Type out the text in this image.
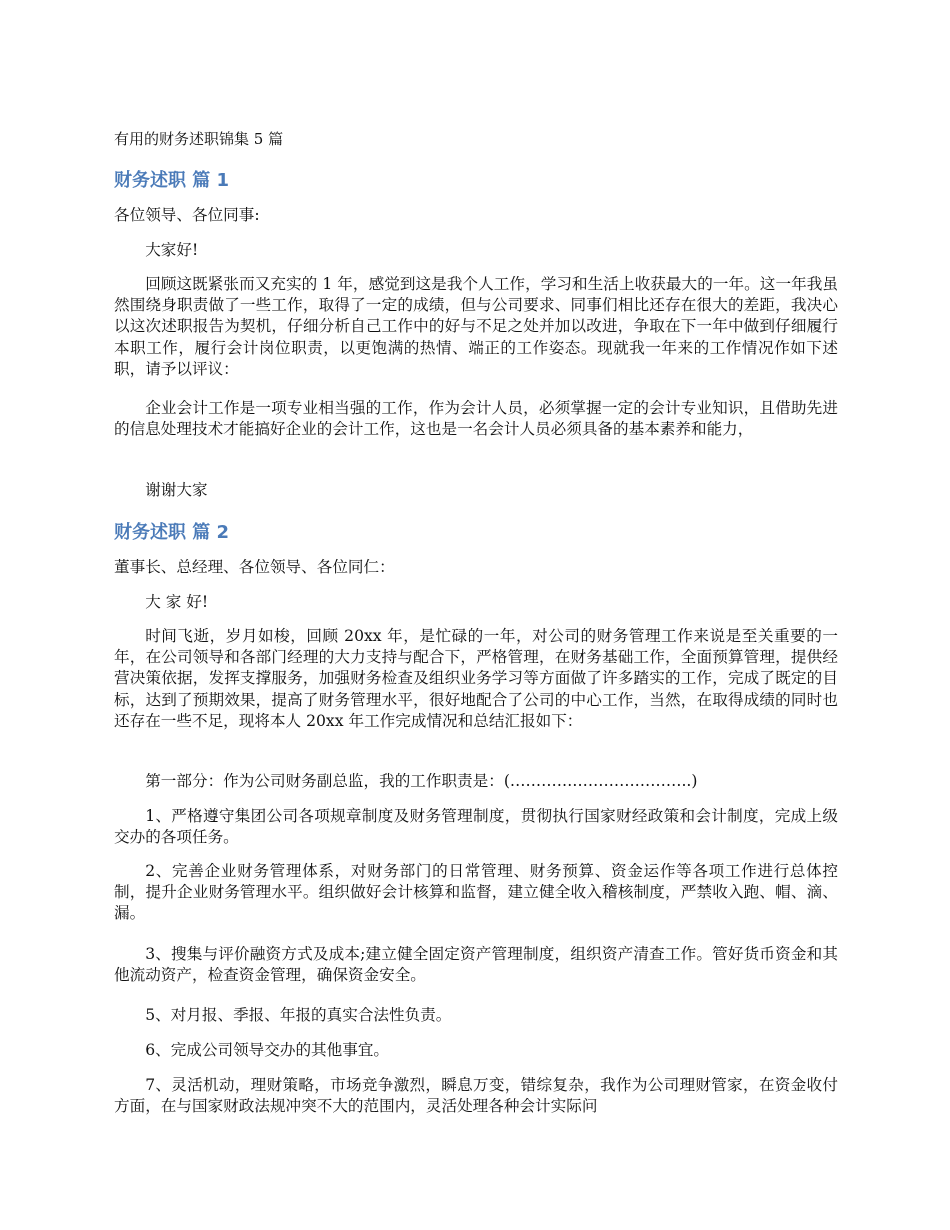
有用的财务述职锦集 5 篇
财务述职 篇 1
各位领导、各位同事:
大家好!
回顾这既紧张而又充实的 1 年，感觉到这是我个人工作，学习和生活上收获最大的一年。这一年我虽然围绕身职责做了一些工作，取得了一定的成绩，但与公司要求、同事们相比还存在很大的差距，我决心以这次述职报告为契机，仔细分析自己工作中的好与不足之处并加以改进，争取在下一年中做到仔细履行本职工作，履行会计岗位职责，以更饱满的热情、端正的工作姿态。现就我一年来的工作情况作如下述职，请予以评议：
企业会计工作是一项专业相当强的工作，作为会计人员，必须掌握一定的会计专业知识，且借助先进的信息处理技术才能搞好企业的会计工作，这也是一名会计人员必须具备的基本素养和能力，
谢谢大家
财务述职 篇 2
董事长、总经理、各位领导、各位同仁：
大 家 好!
时间飞逝，岁月如梭，回顾 20xx 年，是忙碌的一年，对公司的财务管理工作来说是至关重要的一年，在公司领导和各部门经理的大力支持与配合下，严格管理，在财务基础工作，全面预算管理，提供经营决策依据，发挥支撑服务，加强财务检查及组织业务学习等方面做了许多踏实的工作，完成了既定的目标，达到了预期效果，提高了财务管理水平，很好地配合了公司的中心工作，当然，在取得成绩的同时也还存在一些不足，现将本人 20xx 年工作完成情况和总结汇报如下：
第一部分：作为公司财务副总监，我的工作职责是：(……………………………..)
1、严格遵守集团公司各项规章制度及财务管理制度，贯彻执行国家财经政策和会计制度，完成上级交办的各项任务。
2、完善企业财务管理体系，对财务部门的日常管理、财务预算、资金运作等各项工作进行总体控制，提升企业财务管理水平。组织做好会计核算和监督，建立健全收入稽核制度，严禁收入跑、帽、滴、漏。
3、搜集与评价融资方式及成本;建立健全固定资产管理制度，组织资产清查工作。管好货币资金和其他流动资产，检查资金管理，确保资金安全。
5、对月报、季报、年报的真实合法性负责。
6、完成公司领导交办的其他事宜。
7、灵活机动，理财策略，市场竞争激烈，瞬息万变，错综复杂，我作为公司理财管家，在资金收付方面，在与国家财政法规冲突不大的范围内，灵活处理各种会计实际问
